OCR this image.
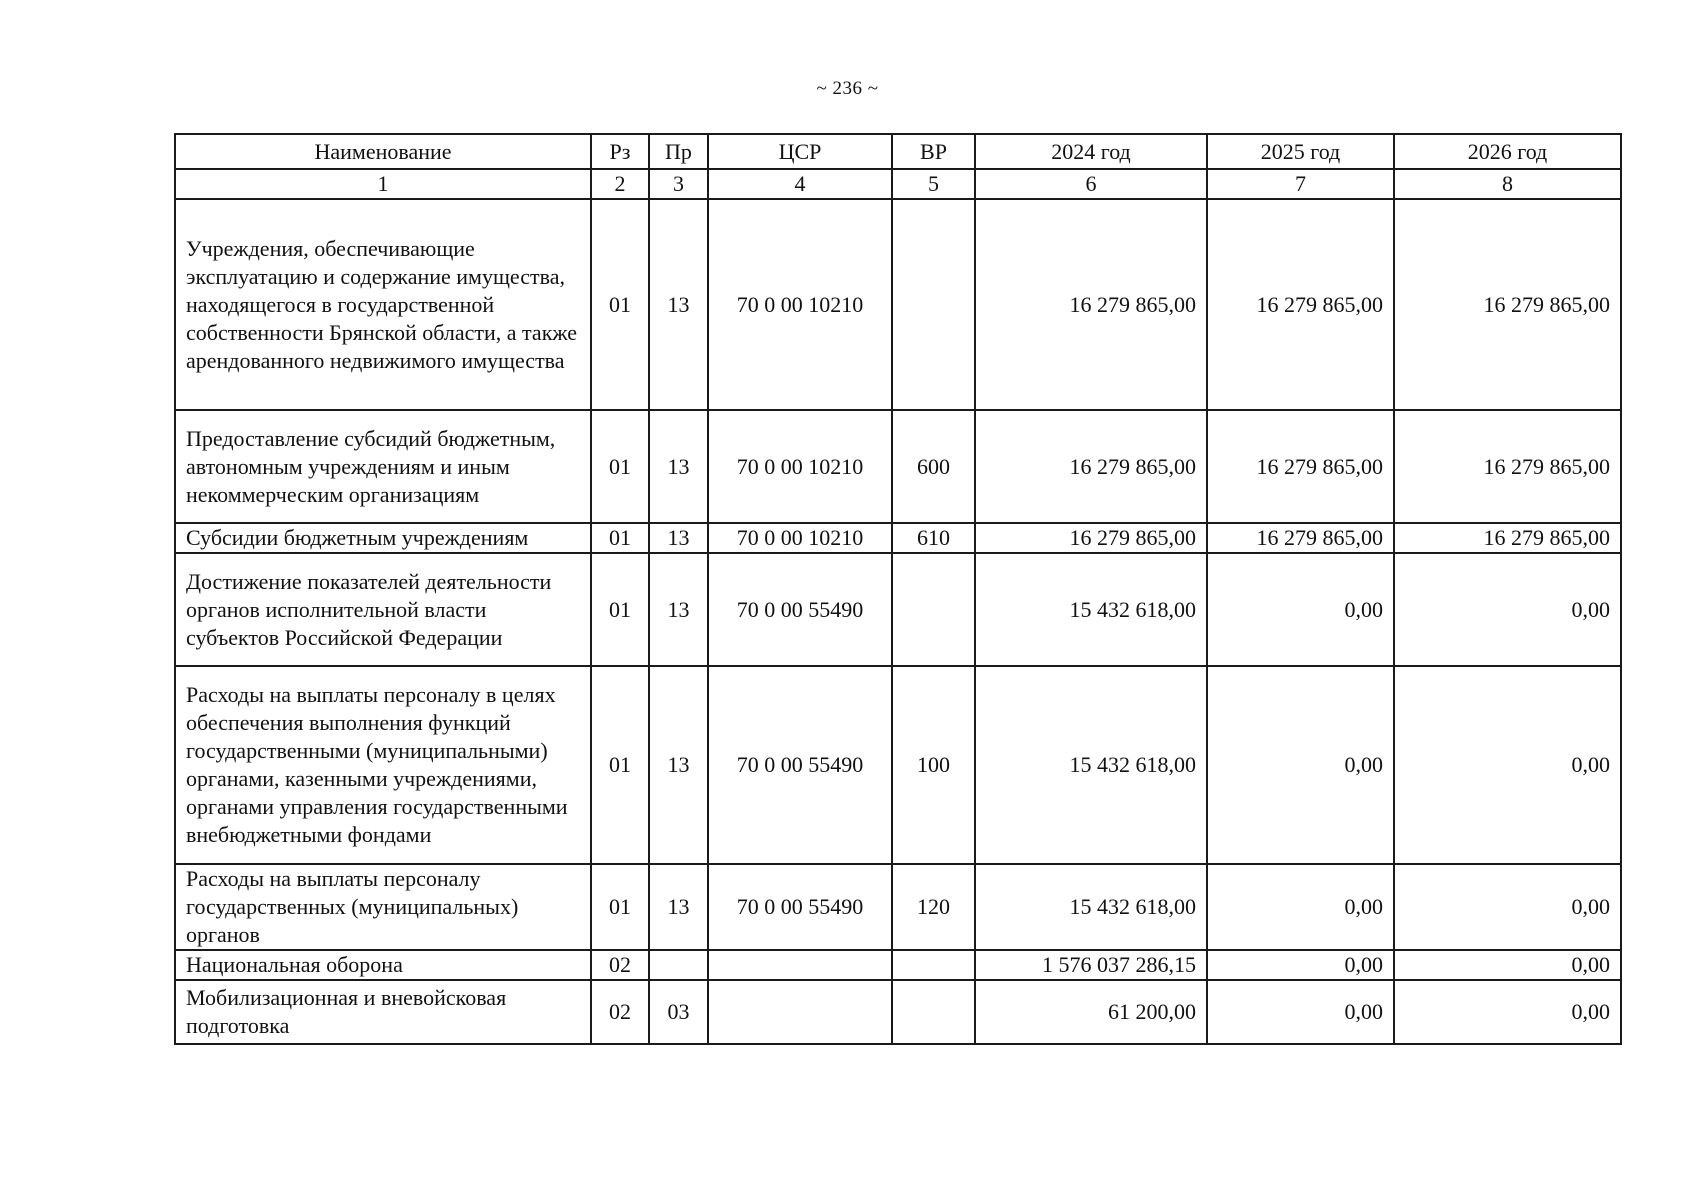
~ 236 ~
Наименование	Рз	Пр	ЦСР	ВР	2024 год	2025 год	2026 год
1	2	3	4	5	6	7	8
Учреждения, обеспечивающие эксплуатацию и содержание имущества, находящегося в государственной собственности Брянской области, а также арендованного недвижимого имущества	01	13	70 0 00 10210		16 279 865,00	16 279 865,00	16 279 865,00
Предоставление субсидий бюджетным, автономным учреждениям и иным некоммерческим организациям	01	13	70 0 00 10210	600	16 279 865,00	16 279 865,00	16 279 865,00
Субсидии бюджетным учреждениям	01	13	70 0 00 10210	610	16 279 865,00	16 279 865,00	16 279 865,00
Достижение показателей деятельности органов исполнительной власти субъектов Российской Федерации	01	13	70 0 00 55490		15 432 618,00	0,00	0,00
Расходы на выплаты персоналу в целях обеспечения выполнения функций государственными (муниципальными) органами, казенными учреждениями, органами управления государственными внебюджетными фондами	01	13	70 0 00 55490	100	15 432 618,00	0,00	0,00
Расходы на выплаты персоналу государственных (муниципальных) органов	01	13	70 0 00 55490	120	15 432 618,00	0,00	0,00
Национальная оборона	02				1 576 037 286,15	0,00	0,00
Мобилизационная и вневойсковая подготовка	02	03			61 200,00	0,00	0,00
